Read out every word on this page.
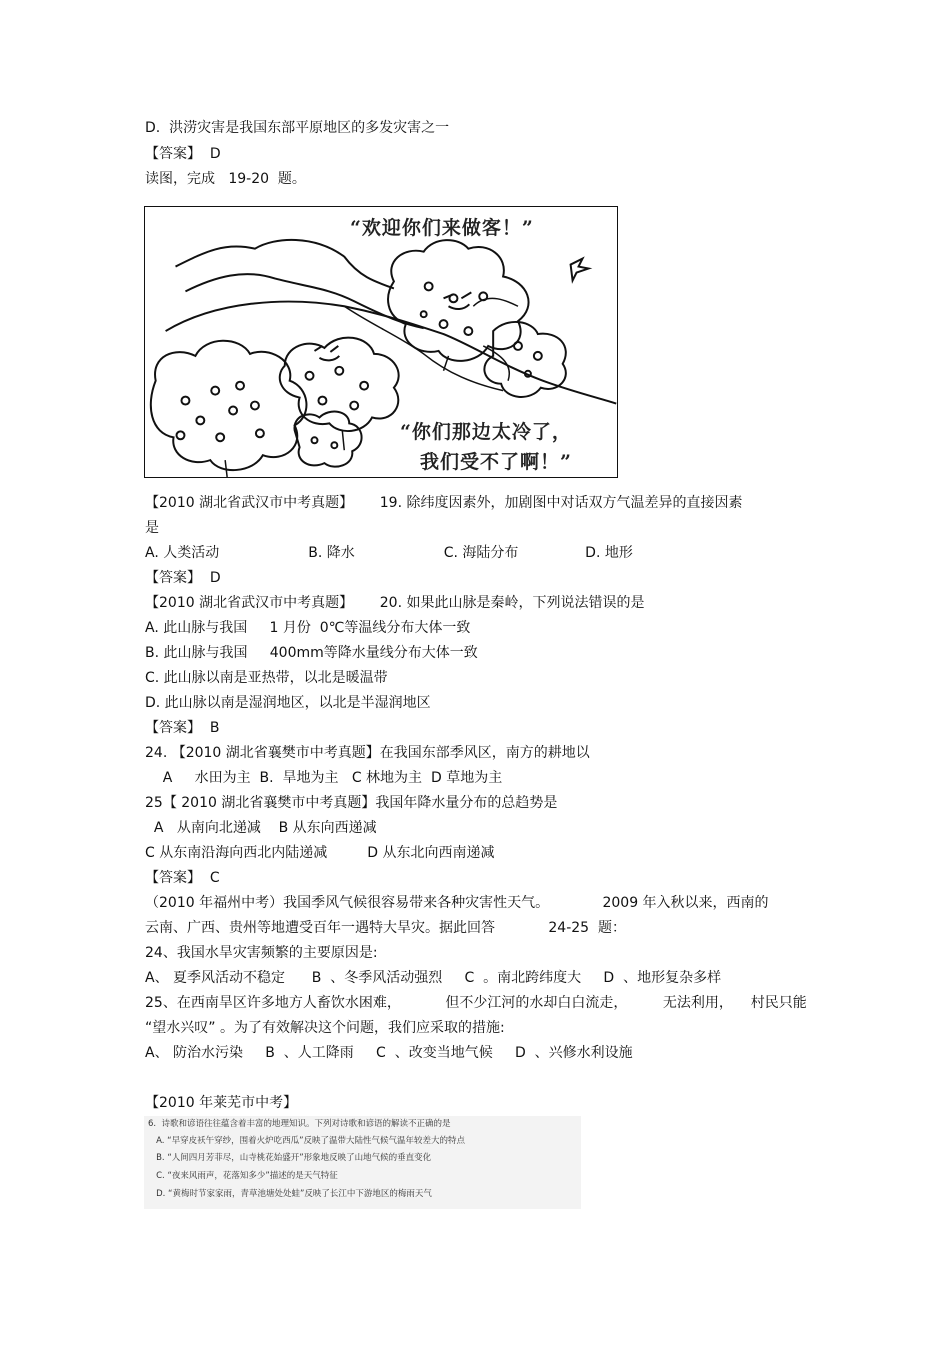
D.  洪涝灾害是我国东部平原地区的多发灾害之一
【答案】  D
读图，完成   19-20  题。
“欢迎你们来做客！”
“你们那边太冷了，
我们受不了啊！”
【2010 湖北省武汉市中考真题】      19. 除纬度因素外，加剧图中对话双方气温差异的直接因素
是
A. 人类活动                    B. 降水                    C. 海陆分布               D. 地形
【答案】  D
【2010 湖北省武汉市中考真题】      20. 如果此山脉是秦岭，下列说法错误的是
A. 此山脉与我国     1 月份  0℃等温线分布大体一致
B. 此山脉与我国     400mm等降水量线分布大体一致
C. 此山脉以南是亚热带，以北是暖温带
D. 此山脉以南是湿润地区，以北是半湿润地区
【答案】  B
24. 【2010 湖北省襄樊市中考真题】在我国东部季风区，南方的耕地以
A     水田为主  B.  旱地为主   C 林地为主  D 草地为主
25【 2010 湖北省襄樊市中考真题】我国年降水量分布的总趋势是
A   从南向北递减    B 从东向西递减
C 从东南沿海向西北内陆递减         D 从东北向西南递减
【答案】  C
（2010 年福州中考）我国季风气候很容易带来各种灾害性天气。            2009 年入秋以来，西南的
云南、广西、贵州等地遭受百年一遇特大旱灾。据此回答            24-25  题：
24、我国水旱灾害频繁的主要原因是:
A、 夏季风活动不稳定      B  、冬季风活动强烈     C  。南北跨纬度大     D  、地形复杂多样
25、在西南旱区许多地方人畜饮水困难，          但不少江河的水却白白流走，        无法利用，    村民只能
“望水兴叹” 。为了有效解决这个问题，我们应采取的措施:
A、 防治水污染     B  、人工降雨     C  、改变当地气候     D  、兴修水利设施
【2010 年莱芜市中考】
6.  诗歌和谚语往往蕴含着丰富的地理知识。下列对诗歌和谚语的解读不正确的是
A. “早穿皮袄午穿纱，围着火炉吃西瓜”反映了温带大陆性气候气温年较差大的特点
B. “人间四月芳菲尽，山寺桃花始盛开”形象地反映了山地气候的垂直变化
C. “夜来风雨声，花落知多少”描述的是天气特征
D. “黄梅时节家家雨，青草池塘处处蛙”反映了长江中下游地区的梅雨天气
